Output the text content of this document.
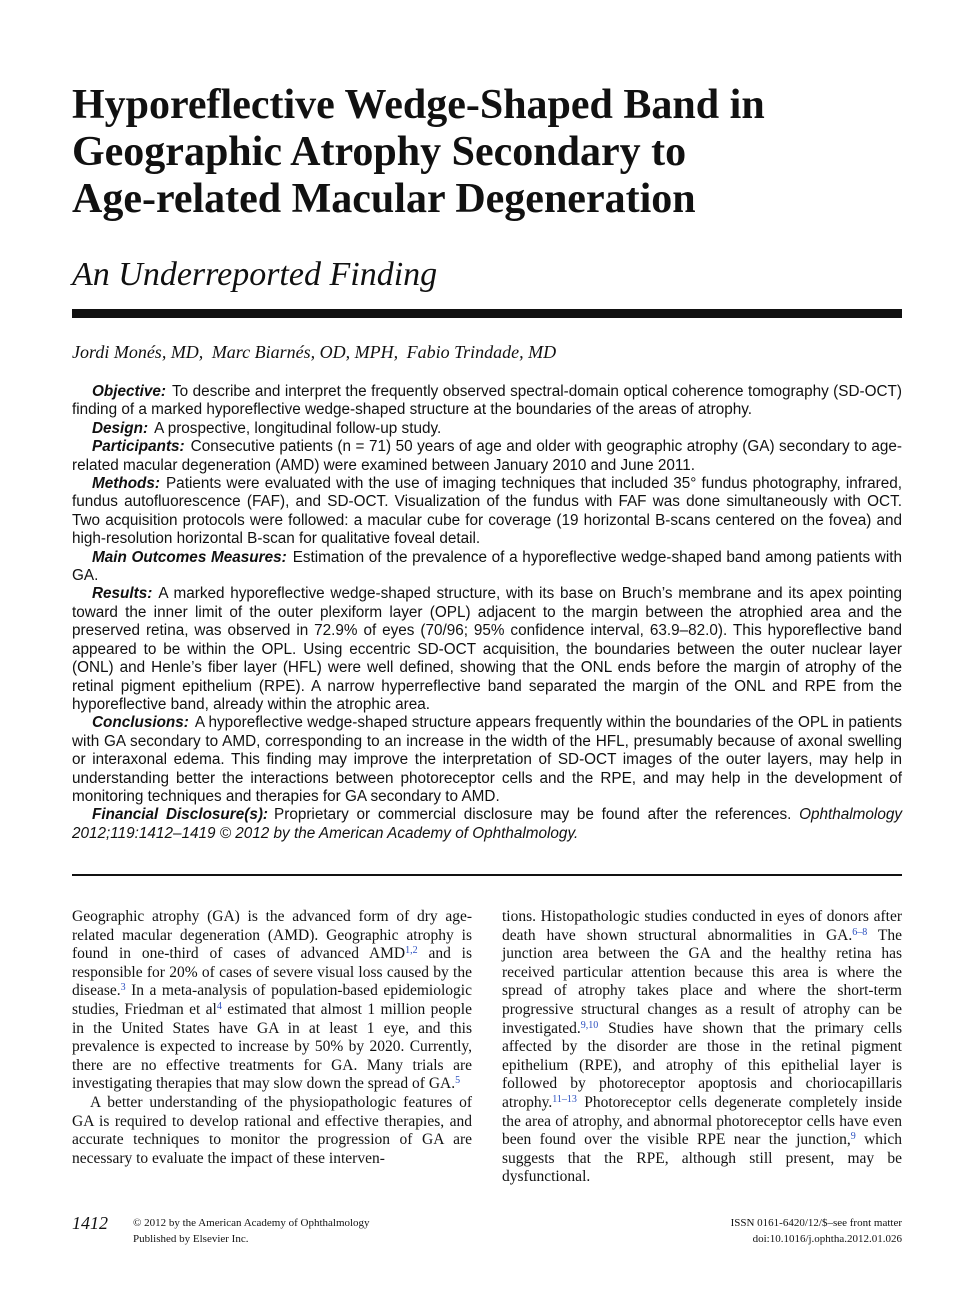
Hyporeflective Wedge-Shaped Band in
Geographic Atrophy Secondary to
Age-related Macular Degeneration
An Underreported Finding
Jordi Monés, MD, Marc Biarnés, OD, MPH, Fabio Trindade, MD

Objective: To describe and interpret the frequently observed spectral-domain optical coherence tomography (SD-OCT) finding of a marked hyporeflective wedge-shaped structure at the boundaries of the areas of atrophy.

Design: A prospective, longitudinal follow-up study.

Participants: Consecutive patients (n = 71) 50 years of age and older with geographic atrophy (GA) secondary to age-related macular degeneration (AMD) were examined between January 2010 and June 2011.

Methods: Patients were evaluated with the use of imaging techniques that included 35° fundus photography, infrared, fundus autofluorescence (FAF), and SD-OCT. Visualization of the fundus with FAF was done simultaneously with OCT. Two acquisition protocols were followed: a macular cube for coverage (19 horizontal B-scans centered on the fovea) and high-resolution horizontal B-scan for qualitative foveal detail.

Main Outcomes Measures: Estimation of the prevalence of a hyporeflective wedge-shaped band among patients with GA.

Results: A marked hyporeflective wedge-shaped structure, with its base on Bruch’s membrane and its apex pointing toward the inner limit of the outer plexiform layer (OPL) adjacent to the margin between the atrophied area and the preserved retina, was observed in 72.9% of eyes (70/96; 95% confidence interval, 63.9–82.0). This hyporeflective band appeared to be within the OPL. Using eccentric SD-OCT acquisition, the boundaries between the outer nuclear layer (ONL) and Henle’s fiber layer (HFL) were well defined, showing that the ONL ends before the margin of atrophy of the retinal pigment epithelium (RPE). A narrow hyperreflective band separated the margin of the ONL and RPE from the hyporeflective band, already within the atrophic area.

Conclusions: A hyporeflective wedge-shaped structure appears frequently within the boundaries of the OPL in patients with GA secondary to AMD, corresponding to an increase in the width of the HFL, presumably because of axonal swelling or interaxonal edema. This finding may improve the interpretation of SD-OCT images of the outer layers, may help in understanding better the interactions between photoreceptor cells and the RPE, and may help in the development of monitoring techniques and therapies for GA secondary to AMD.

Financial Disclosure(s): Proprietary or commercial disclosure may be found after the references. Ophthalmology 2012;119:1412–1419 © 2012 by the American Academy of Ophthalmology.

Geographic atrophy (GA) is the advanced form of dry age-related macular degeneration (AMD). Geographic atrophy is found in one-third of cases of advanced AMD$^{1,2}$ and is responsible for 20% of cases of severe visual loss caused by the disease.$^3$ In a meta-analysis of population-based epidemiologic studies, Friedman et al$^4$ estimated that almost 1 million people in the United States have GA in at least 1 eye, and this prevalence is expected to increase by 50% by 2020. Currently, there are no effective treatments for GA. Many trials are investigating therapies that may slow down the spread of GA.$^5$

A better understanding of the physiopathologic features of GA is required to develop rational and effective therapies, and accurate techniques to monitor the progression of GA are necessary to evaluate the impact of these interven-

tions. Histopathologic studies conducted in eyes of donors after death have shown structural abnormalities in GA.$^{6-8}$ The junction area between the GA and the healthy retina has received particular attention because this area is where the spread of atrophy takes place and where the short-term progressive structural changes as a result of atrophy can be investigated.$^{9,10}$ Studies have shown that the primary cells affected by the disorder are those in the retinal pigment epithelium (RPE), and atrophy of this epithelial layer is followed by photoreceptor apoptosis and choriocapillaris atrophy.$^{11-13}$ Photoreceptor cells degenerate completely inside the area of atrophy, and abnormal photoreceptor cells have even been found over the visible RPE near the junction,$^9$ which suggests that the RPE, although still present, may be dysfunctional.

1412 © 2012 by the American Academy of Ophthalmology
Published by Elsevier Inc.
ISSN 0161-6420/12/$–see front matter
doi:10.1016/j.ophtha.2012.01.026
